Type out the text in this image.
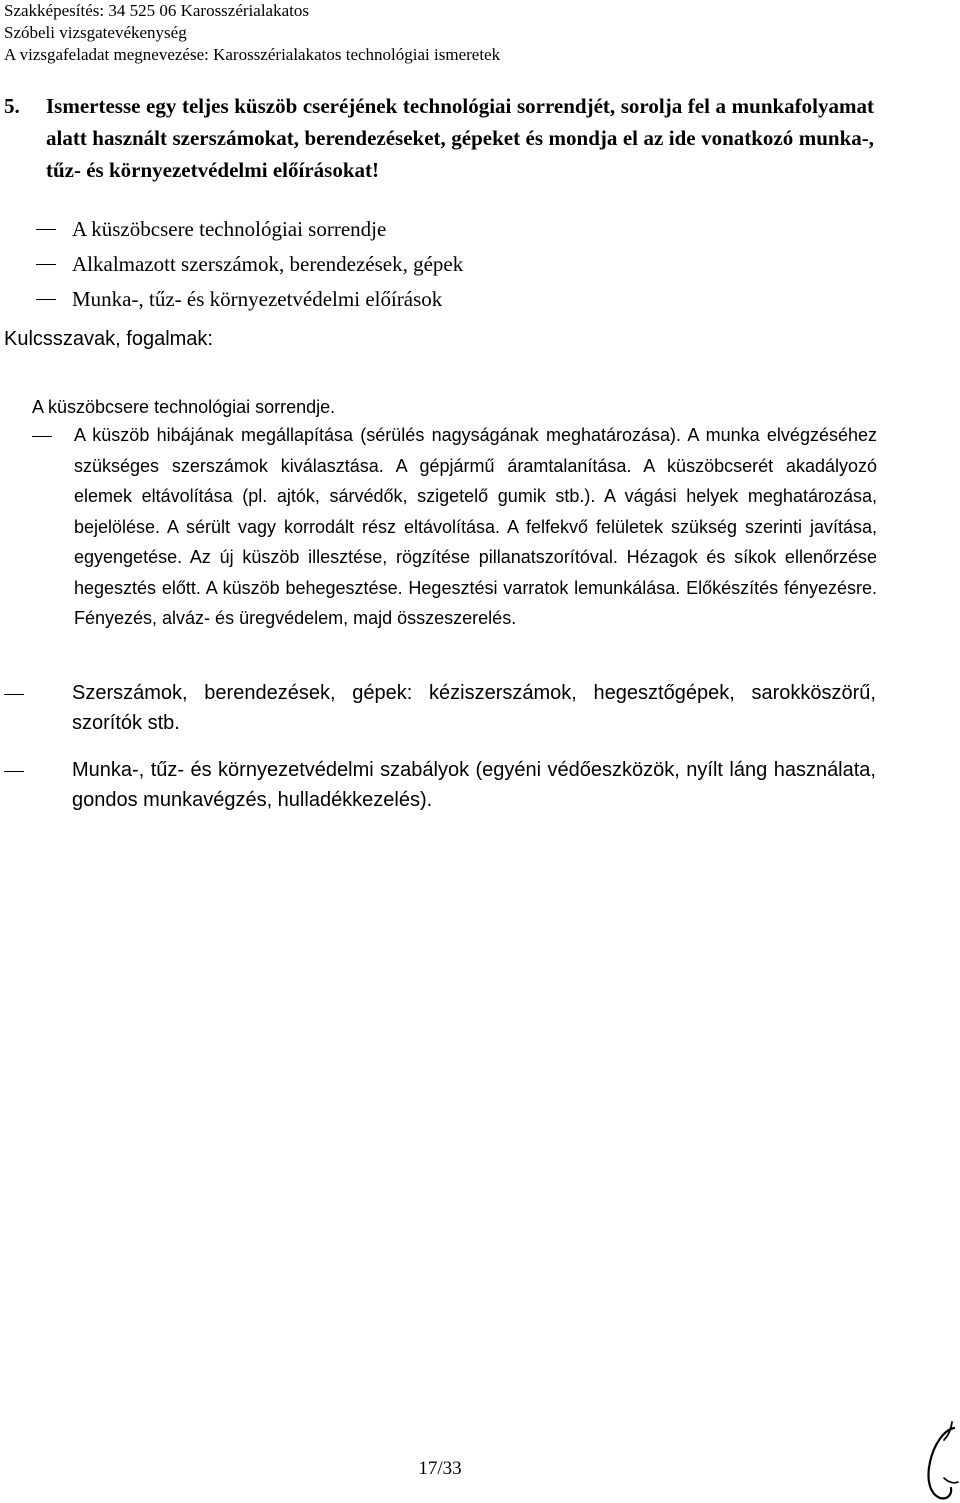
Szakképesítés: 34 525 06 Karosszérialakatos
Szóbeli vizsgatevékenység
A vizsgafeladat megnevezése: Karosszérialakatos technológiai ismeretek
5. Ismertesse egy teljes küszöb cseréjének technológiai sorrendjét, sorolja fel a munkafolyamat alatt használt szerszámokat, berendezéseket, gépeket és mondja el az ide vonatkozó munka-, tűz- és környezetvédelmi előírásokat!
A küszöbcsere technológiai sorrendje
Alkalmazott szerszámok, berendezések, gépek
Munka-, tűz- és környezetvédelmi előírások
Kulcsszavak, fogalmak:
A küszöbcsere technológiai sorrendje.
A küszöb hibájának megállapítása (sérülés nagyságának meghatározása). A munka elvégzéséhez szükséges szerszámok kiválasztása. A gépjármű áramtalanítása. A küszöbcserét akadályozó elemek eltávolítása (pl. ajtók, sárvédők, szigetelő gumik stb.). A vágási helyek meghatározása, bejelölése. A sérült vagy korrodált rész eltávolítása. A felfekvő felületek szükség szerinti javítása, egyengetése. Az új küszöb illesztése, rögzítése pillanatszorítóval. Hézagok és síkok ellenőrzése hegesztés előtt. A küszöb behegesztése. Hegesztési varratok lemunkálása. Előkészítés fényezésre. Fényezés, alváz- és üregvédelem, majd összeszerelés.
Szerszámok, berendezések, gépek: kéziszerszámok, hegesztőgépek, sarokköszörű, szorítók stb.
Munka-, tűz- és környezetvédelmi szabályok (egyéni védőeszközök, nyílt láng használata, gondos munkavégzés, hulladékkezelés).
17/33
